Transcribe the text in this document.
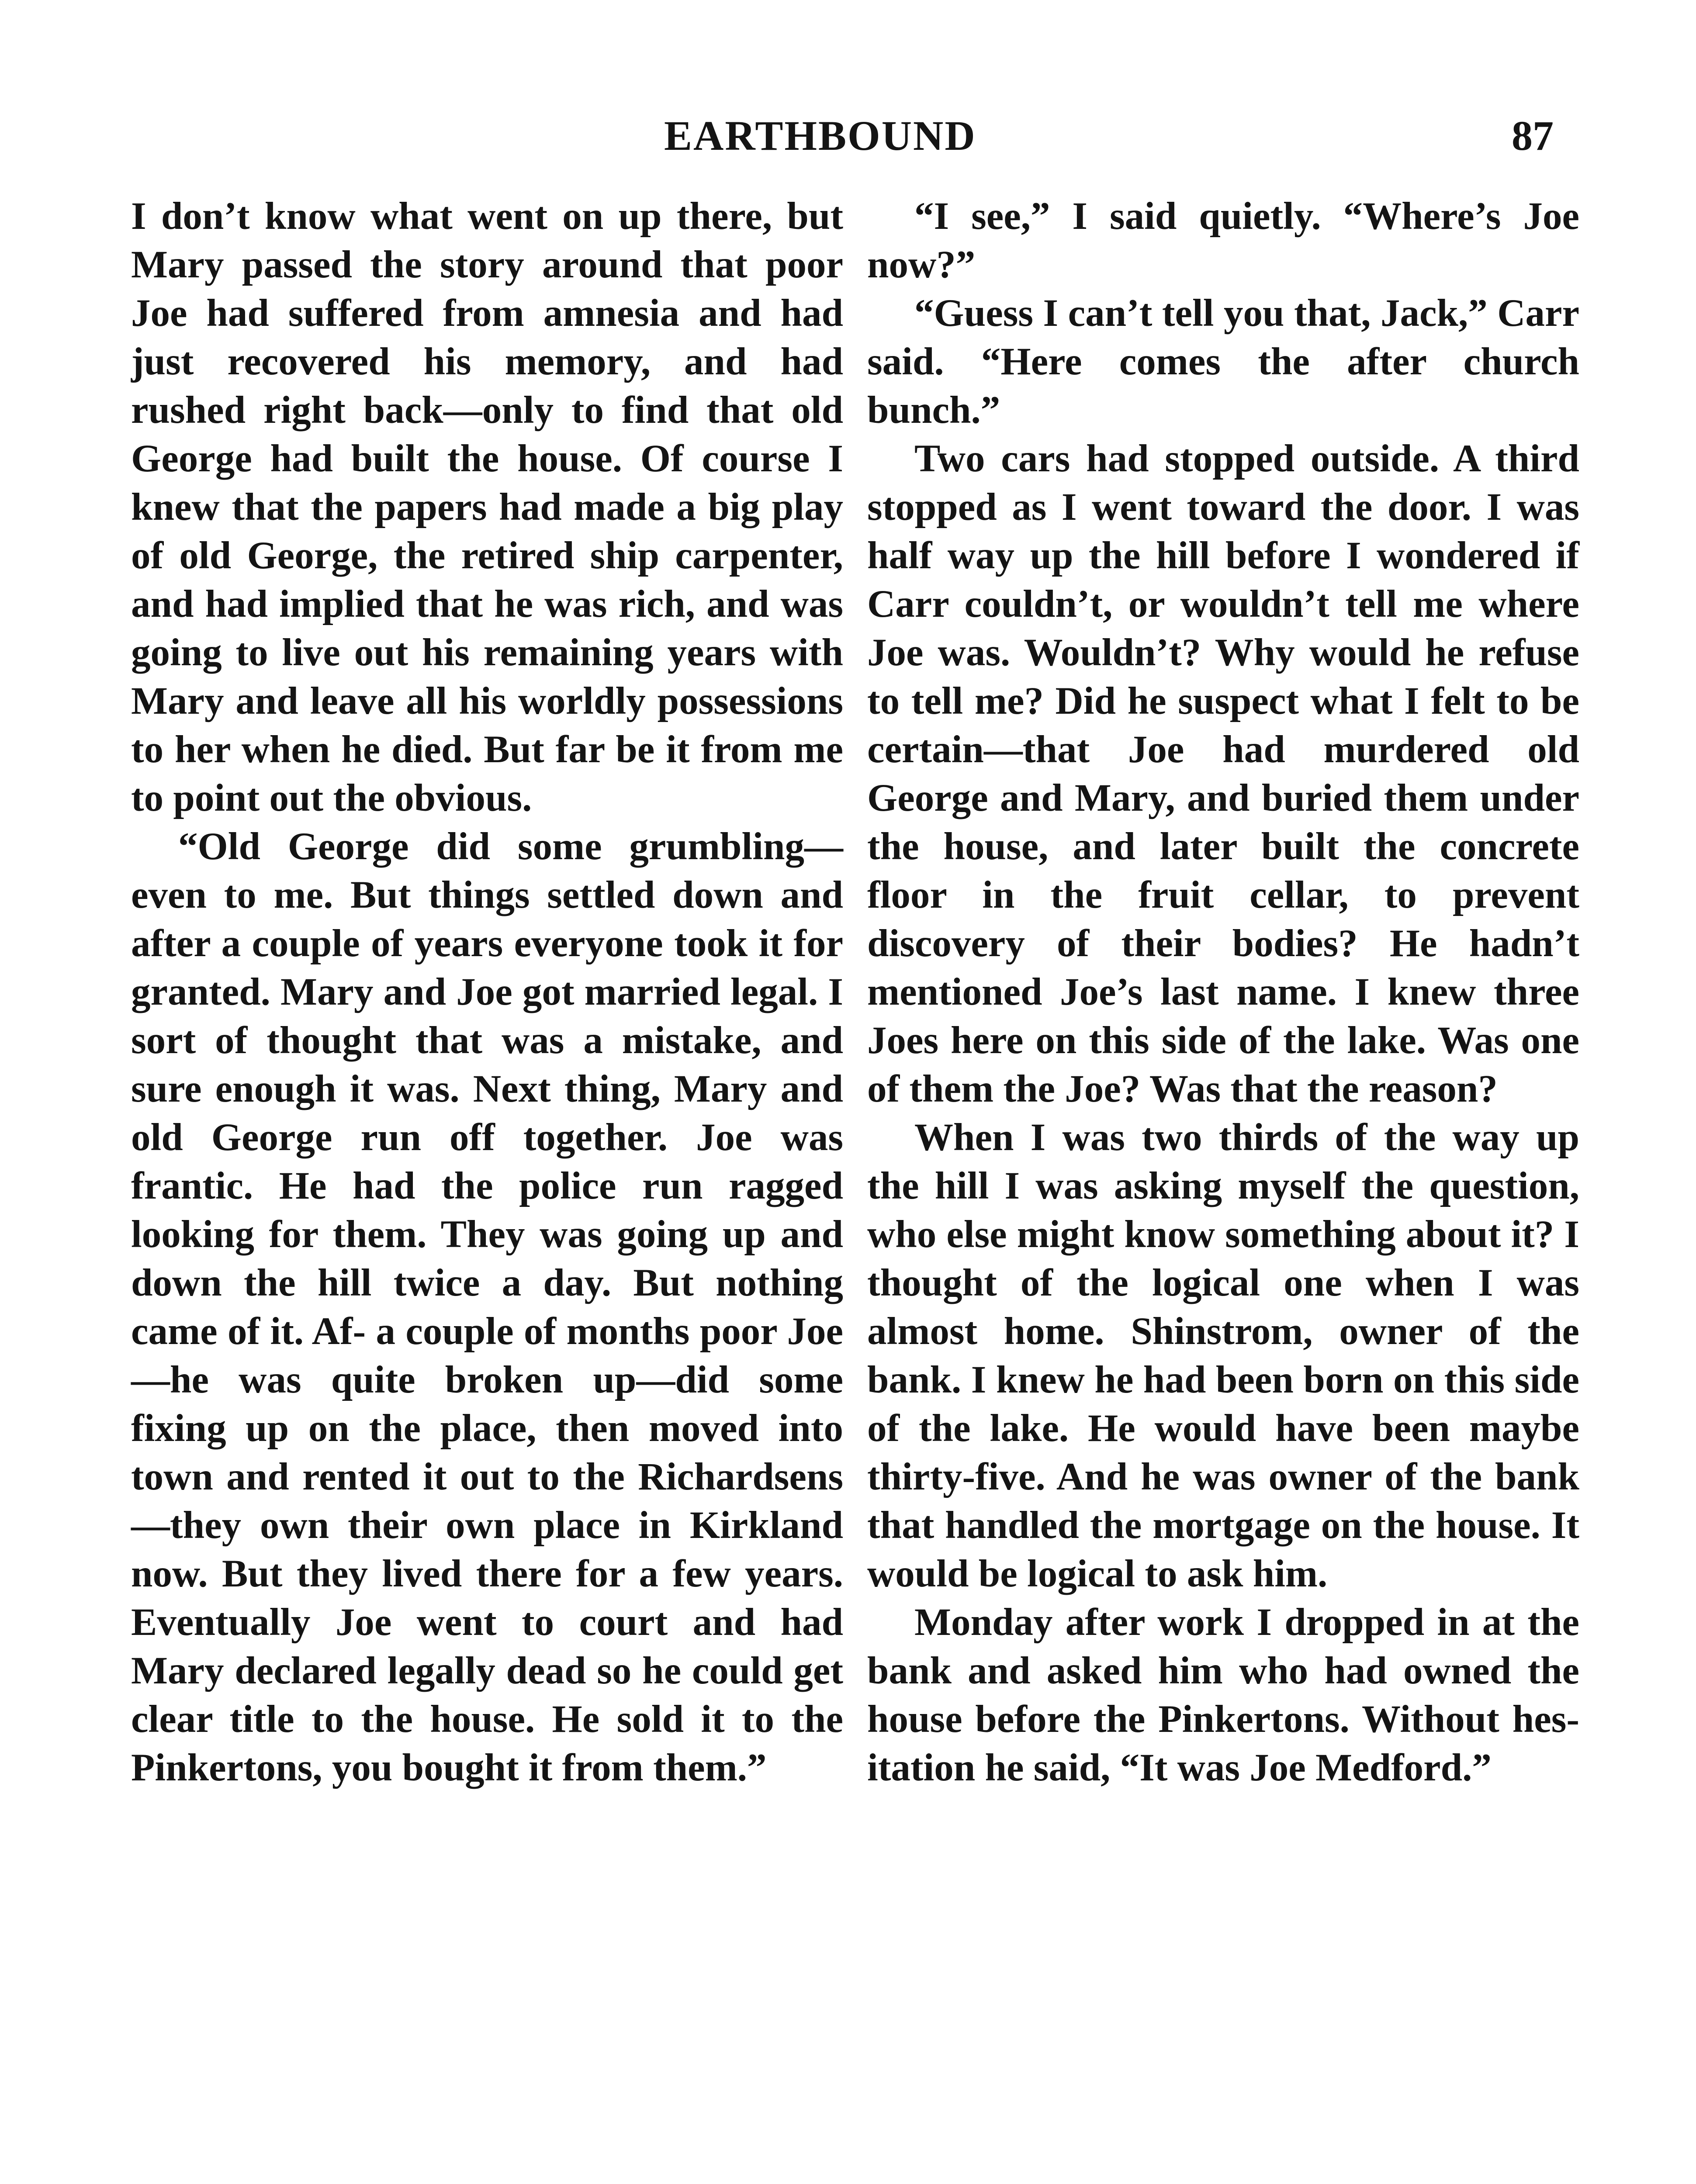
EARTHBOUND	87

I don’t know what went on up there, but Mary passed the story around that poor Joe had suffered from amnesia and had just recovered his memory, and had rushed right back—only to find that old George had built the house. Of course I knew that the papers had made a big play of old George, the retired ship carpenter, and had implied that he was rich, and was going to live out his remaining years with Mary and leave all his worldly possessions to her when he died. But far be it from me to point out the obvious.

“Old George did some grumbling—even to me. But things settled down and after a couple of years everyone took it for granted. Mary and Joe got married legal. I sort of thought that was a mistake, and sure enough it was. Next thing, Mary and old George run off together. Joe was frantic. He had the police run ragged looking for them. They was going up and down the hill twice a day. But nothing came of it. Af- a couple of months poor Joe—he was quite broken up—did some fixing up on the place, then moved into town and rented it out to the Richardsens—they own their own place in Kirkland now. But they lived there for a few years. Eventually Joe went to court and had Mary declared legally dead so he could get clear title to the house. He sold it to the Pinkertons, you bought it from them.”

“I see,” I said quietly. “Where’s Joe now?”

“Guess I can’t tell you that, Jack,” Carr said. “Here comes the after church bunch.”

Two cars had stopped outside. A third stopped as I went toward the door. I was half way up the hill before I wondered if Carr couldn’t, or wouldn’t tell me where Joe was. Wouldn’t? Why would he refuse to tell me? Did he suspect what I felt to be certain—that Joe had murdered old George and Mary, and buried them under the house, and later built the concrete floor in the fruit cellar, to prevent discovery of their bodies? He hadn’t mentioned Joe’s last name. I knew three Joes here on this side of the lake. Was one of them the Joe? Was that the reason?

When I was two thirds of the way up the hill I was asking myself the question, who else might know something about it? I thought of the logical one when I was almost home. Shinstrom, owner of the bank. I knew he had been born on this side of the lake. He would have been maybe thirty-five. And he was owner of the bank that handled the mortgage on the house. It would be logical to ask him.

Monday after work I dropped in at the bank and asked him who had owned the house before the Pinkertons. Without hesitation he said, “It was Joe Medford.”
